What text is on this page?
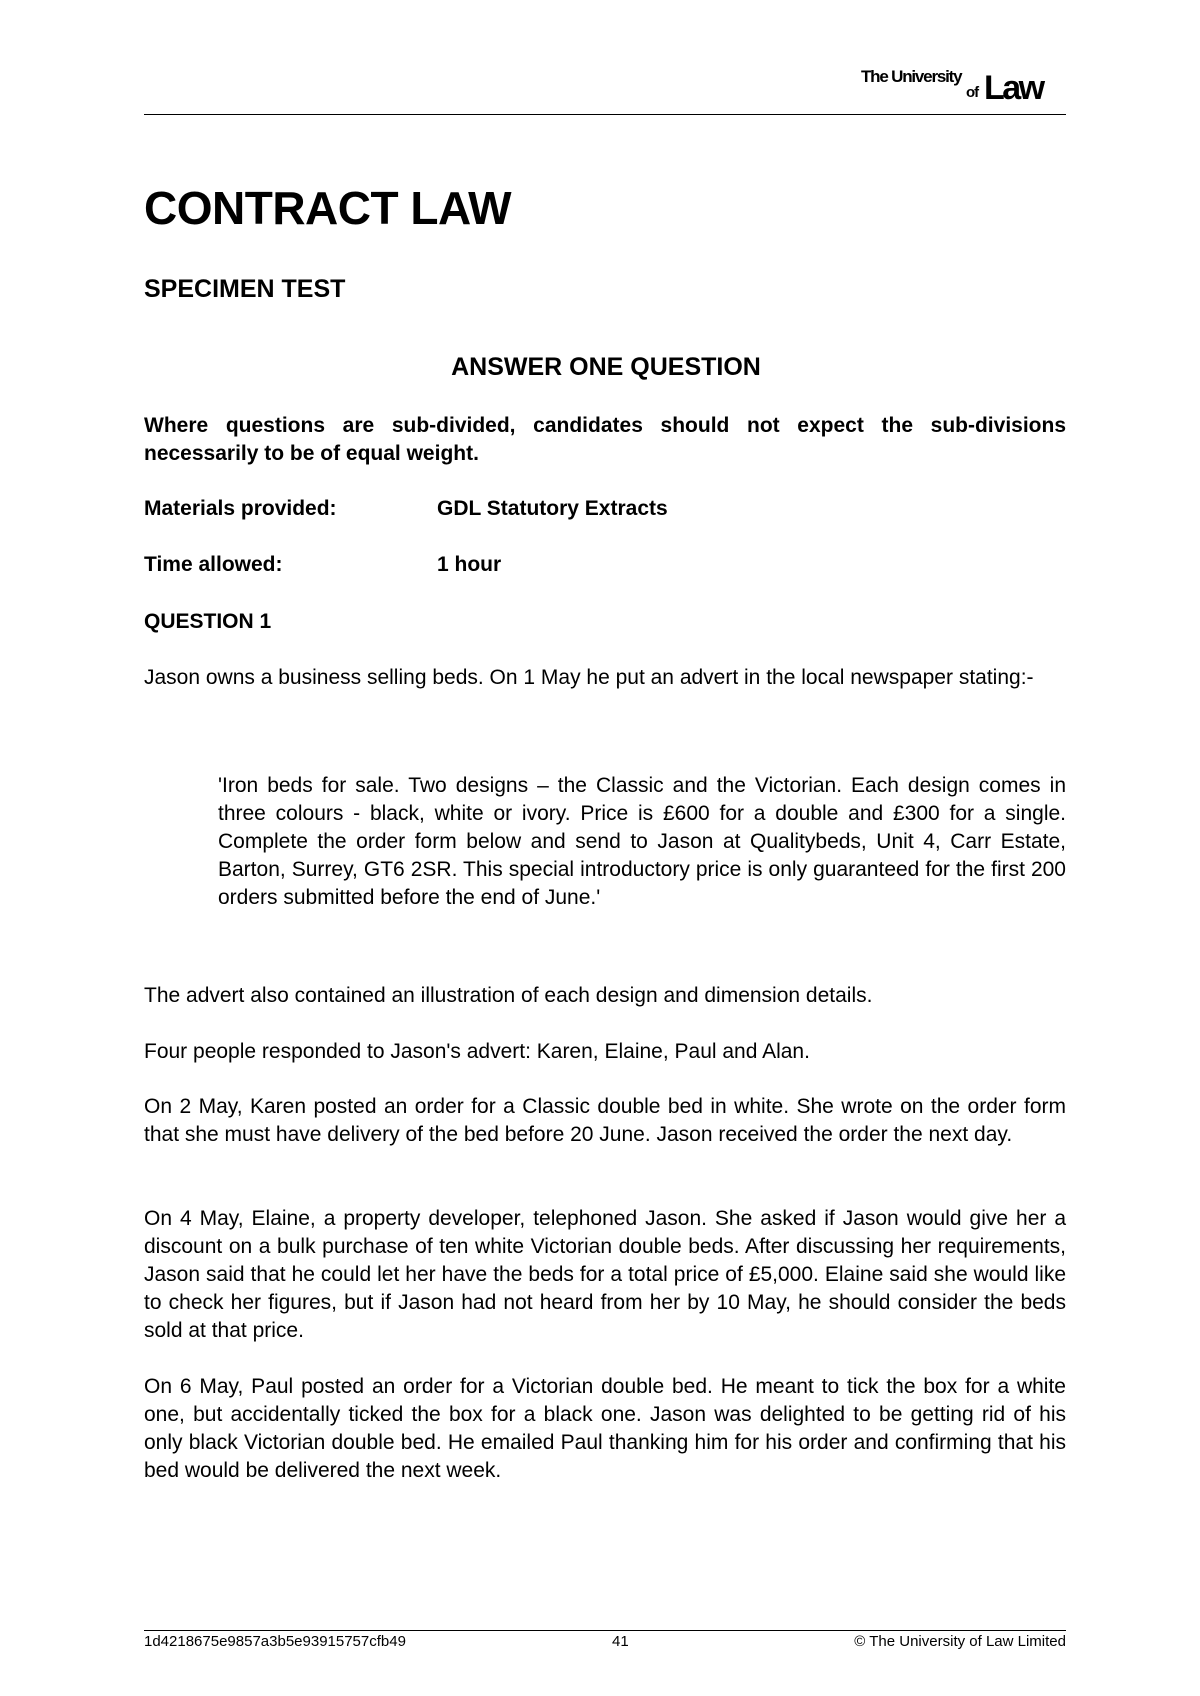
The University
of Law
CONTRACT LAW
SPECIMEN TEST
ANSWER ONE QUESTION
Where questions are sub-divided, candidates should not expect the sub-divisions necessarily to be of equal weight.
Materials provided:	GDL Statutory Extracts
Time allowed:	1 hour
QUESTION 1
Jason owns a business selling beds. On 1 May he put an advert in the local newspaper stating:-
'Iron beds for sale. Two designs – the Classic and the Victorian. Each design comes in three colours - black, white or ivory. Price is £600 for a double and £300 for a single. Complete the order form below and send to Jason at Qualitybeds, Unit 4, Carr Estate, Barton, Surrey, GT6 2SR. This special introductory price is only guaranteed for the first 200 orders submitted before the end of June.'
The advert also contained an illustration of each design and dimension details.
Four people responded to Jason's advert: Karen, Elaine, Paul and Alan.
On 2 May, Karen posted an order for a Classic double bed in white. She wrote on the order form that she must have delivery of the bed before 20 June. Jason received the order the next day.
On 4 May, Elaine, a property developer, telephoned Jason. She asked if Jason would give her a discount on a bulk purchase of ten white Victorian double beds. After discussing her requirements, Jason said that he could let her have the beds for a total price of £5,000. Elaine said she would like to check her figures, but if Jason had not heard from her by 10 May, he should consider the beds sold at that price.
On 6 May, Paul posted an order for a Victorian double bed. He meant to tick the box for a white one, but accidentally ticked the box for a black one. Jason was delighted to be getting rid of his only black Victorian double bed. He emailed Paul thanking him for his order and confirming that his bed would be delivered the next week.
1d4218675e9857a3b5e93915757cfb49	41	© The University of Law Limited
